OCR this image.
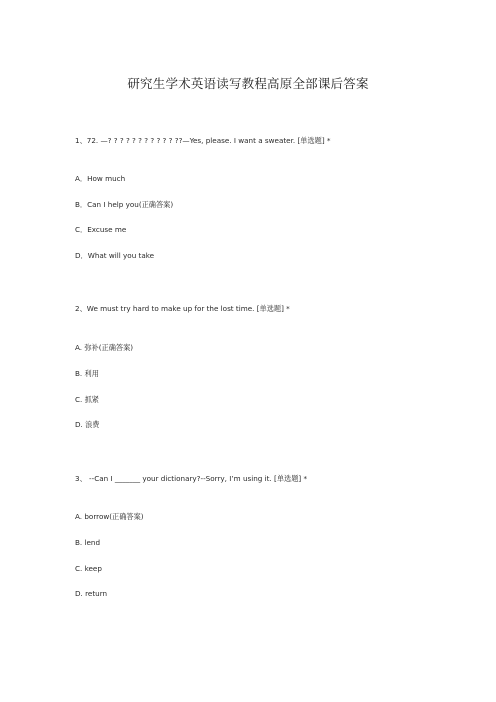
研究生学术英语读写教程高原全部课后答案
1、72. —? ? ? ? ? ? ? ? ? ? ? ??—Yes, please. I want a sweater. [单选题] *
A．How much
B．Can I help you(正确答案)
C．Excuse me
D．What will you take
2、We must try hard to make up for the lost time. [单选题] *
A. 弥补(正确答案)
B. 利用
C. 抓紧
D. 浪费
3、 --Can I _______ your dictionary?--Sorry, I’m using it. [单选题] *
A. borrow(正确答案)
B. lend
C. keep
D. return
